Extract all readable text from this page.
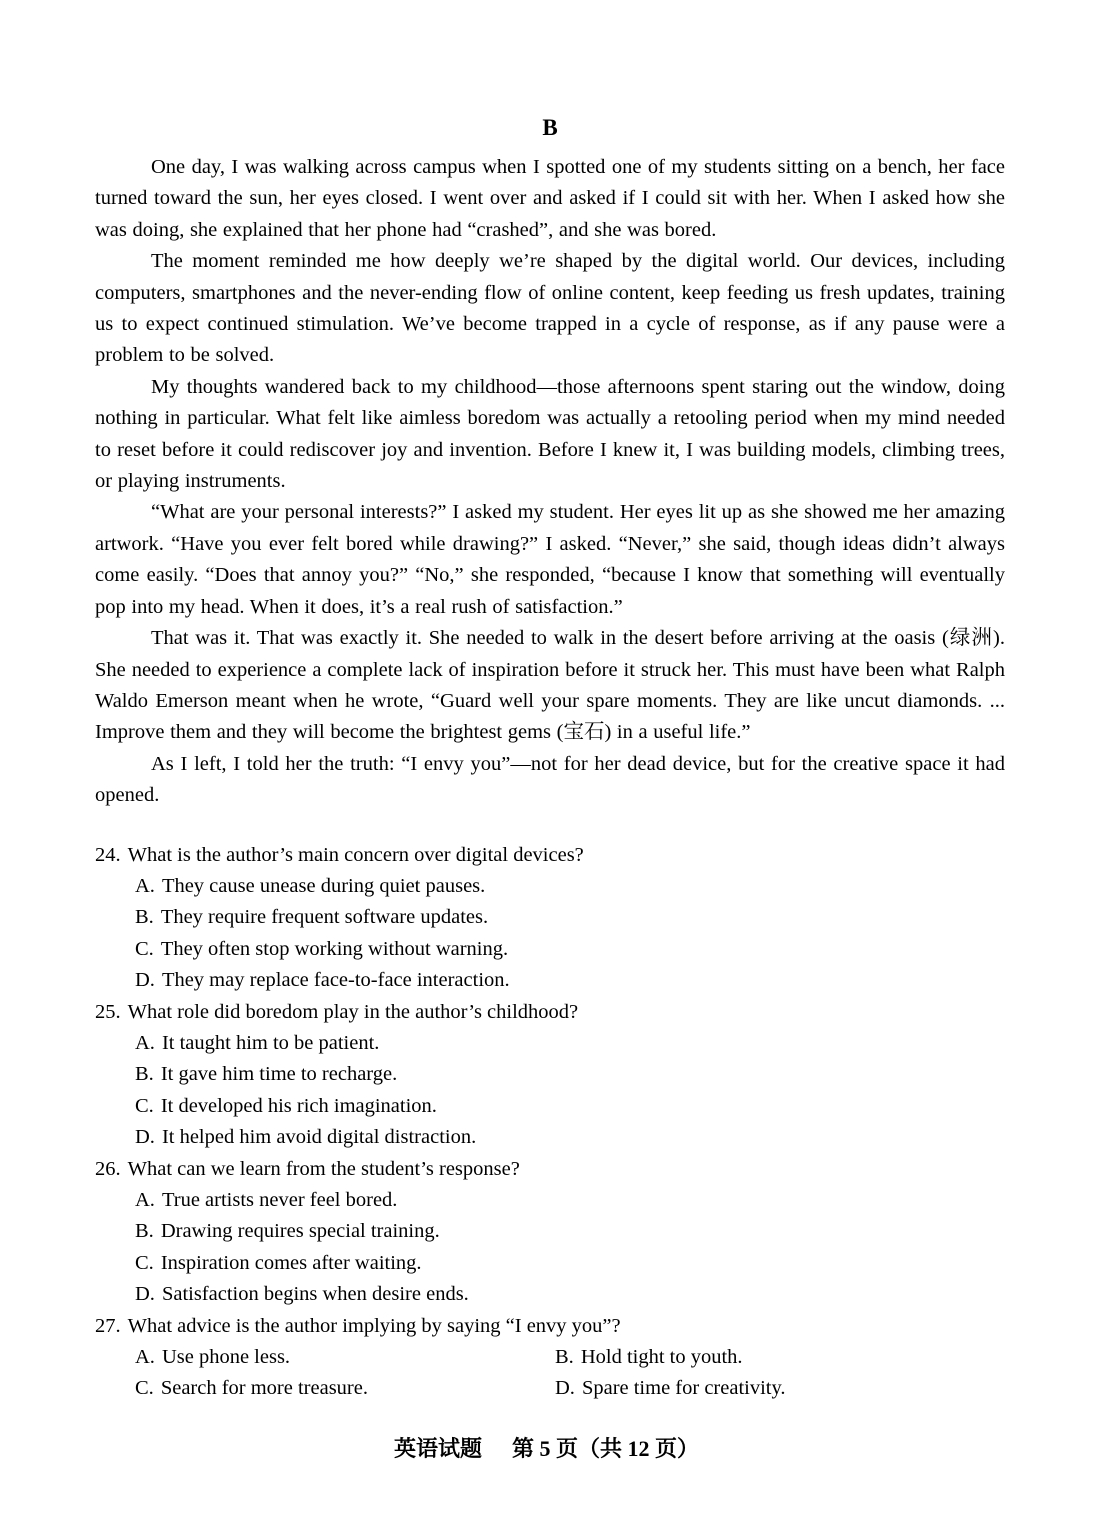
B

One day, I was walking across campus when I spotted one of my students sitting on a bench, her face turned toward the sun, her eyes closed. I went over and asked if I could sit with her. When I asked how she was doing, she explained that her phone had “crashed”, and she was bored.

The moment reminded me how deeply we’re shaped by the digital world. Our devices, including computers, smartphones and the never-ending flow of online content, keep feeding us fresh updates, training us to expect continued stimulation. We’ve become trapped in a cycle of response, as if any pause were a problem to be solved.

My thoughts wandered back to my childhood—those afternoons spent staring out the window, doing nothing in particular. What felt like aimless boredom was actually a retooling period when my mind needed to reset before it could rediscover joy and invention. Before I knew it, I was building models, climbing trees, or playing instruments.

“What are your personal interests?” I asked my student. Her eyes lit up as she showed me her amazing artwork. “Have you ever felt bored while drawing?” I asked. “Never,” she said, though ideas didn’t always come easily. “Does that annoy you?” “No,” she responded, “because I know that something will eventually pop into my head. When it does, it’s a real rush of satisfaction.”

That was it. That was exactly it. She needed to walk in the desert before arriving at the oasis (绿洲). She needed to experience a complete lack of inspiration before it struck her. This must have been what Ralph Waldo Emerson meant when he wrote, “Guard well your spare moments. They are like uncut diamonds. ... Improve them and they will become the brightest gems (宝石) in a useful life.”

As I left, I told her the truth: “I envy you”—not for her dead device, but for the creative space it had opened.

24. What is the author’s main concern over digital devices?
A. They cause unease during quiet pauses.
B. They require frequent software updates.
C. They often stop working without warning.
D. They may replace face-to-face interaction.
25. What role did boredom play in the author’s childhood?
A. It taught him to be patient.
B. It gave him time to recharge.
C. It developed his rich imagination.
D. It helped him avoid digital distraction.
26. What can we learn from the student’s response?
A. True artists never feel bored.
B. Drawing requires special training.
C. Inspiration comes after waiting.
D. Satisfaction begins when desire ends.
27. What advice is the author implying by saying “I envy you”?
A. Use phone less.	B. Hold tight to youth.
C. Search for more treasure.	D. Spare time for creativity.
英语试题 第 5 页（共 12 页）
